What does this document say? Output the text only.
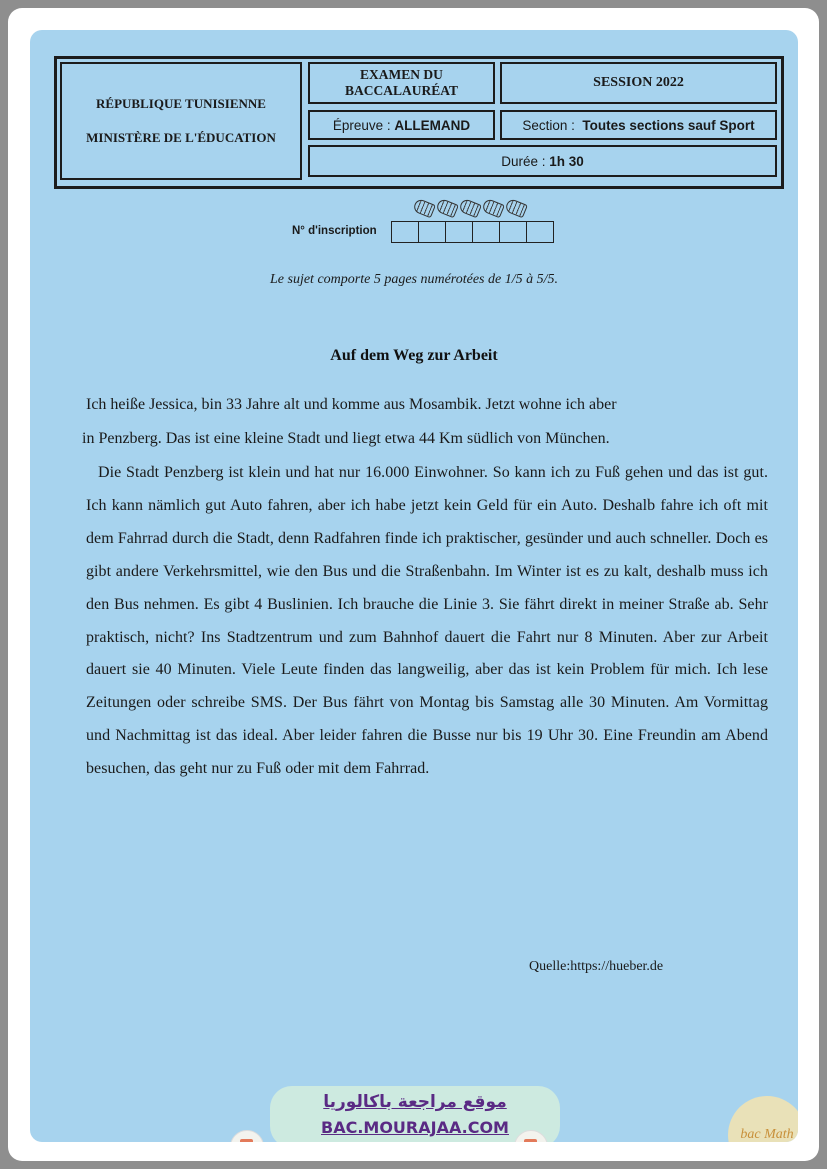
RÉPUBLIQUE TUNISIENNE
MINISTÈRE DE L'ÉDUCATION
EXAMEN DU
BACCALAURÉAT
SESSION 2022
Épreuve :
ALLEMAND	Section :
Toutes sections sauf Sport
Durée :
1h 30
N° d'inscription
Le sujet comporte 5 pages numérotées de 1/5 à 5/5.
Auf dem Weg zur Arbeit
Ich heiße Jessica, bin 33 Jahre alt und komme aus Mosambik. Jetzt wohne ich aber
in Penzberg. Das ist eine kleine Stadt und liegt etwa 44 Km südlich von München.
Die Stadt Penzberg ist klein und hat nur 16.000 Einwohner. So kann ich zu Fuß gehen und das ist gut. Ich kann nämlich gut Auto fahren, aber ich habe jetzt kein Geld für ein Auto. Deshalb fahre ich oft mit dem Fahrrad durch die Stadt, denn Radfahren finde ich praktischer, gesünder und auch schneller. Doch es gibt andere Verkehrsmittel, wie den Bus und die Straßenbahn. Im Winter ist es zu kalt, deshalb muss ich den Bus nehmen. Es gibt 4 Buslinien. Ich brauche die Linie 3. Sie fährt direkt in meiner Straße ab. Sehr praktisch, nicht? Ins Stadtzentrum und zum Bahnhof dauert die Fahrt nur 8 Minuten. Aber zur Arbeit dauert sie 40 Minuten. Viele Leute finden das langweilig, aber das ist kein Problem für mich. Ich lese Zeitungen oder schreibe SMS. Der Bus fährt von Montag bis Samstag alle 30 Minuten. Am Vormittag und Nachmittag ist das ideal. Aber leider fahren die Busse nur bis 19 Uhr 30. Eine Freundin am Abend besuchen, das geht nur zu Fuß oder mit dem Fahrrad.
Quelle:https://hueber.de
موقع مراجعة باكالوريا
BAC.MOURAJAA.COM	bac Math
